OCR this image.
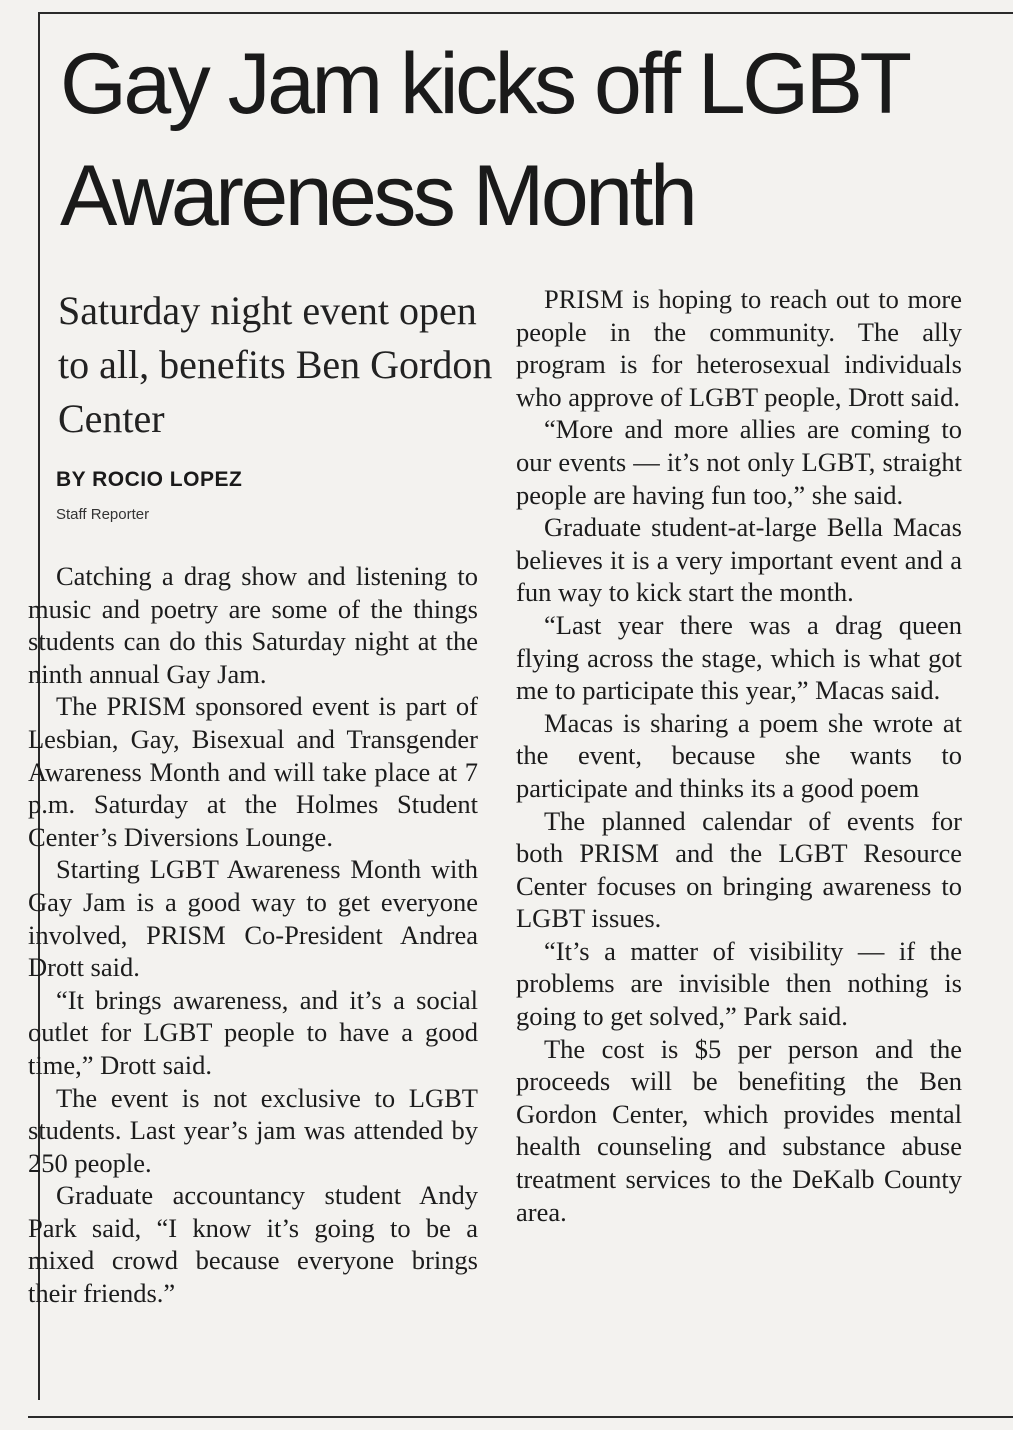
Gay Jam kicks off LGBT Awareness Month
Saturday night event open to all, benefits Ben Gordon Center
BY ROCIO LOPEZ
Staff Reporter

Catching a drag show and listening to music and poetry are some of the things students can do this Saturday night at the ninth annual Gay Jam.

The PRISM sponsored event is part of Lesbian, Gay, Bisexual and Transgender Awareness Month and will take place at 7 p.m. Saturday at the Holmes Student Center’s Diversions Lounge.

Starting LGBT Awareness Month with Gay Jam is a good way to get everyone involved, PRISM Co-President Andrea Drott said.

“It brings awareness, and it’s a social outlet for LGBT people to have a good time,” Drott said.

The event is not exclusive to LGBT students. Last year’s jam was attended by 250 people.

Graduate accountancy student Andy Park said, “I know it’s going to be a mixed crowd because everyone brings their friends.”

PRISM is hoping to reach out to more people in the community. The ally program is for heterosexual individuals who approve of LGBT people, Drott said.

“More and more allies are coming to our events — it’s not only LGBT, straight people are having fun too,” she said.

Graduate student-at-large Bella Macas believes it is a very important event and a fun way to kick start the month.

“Last year there was a drag queen flying across the stage, which is what got me to participate this year,” Macas said.

Macas is sharing a poem she wrote at the event, because she wants to participate and thinks its a good poem

The planned calendar of events for both PRISM and the LGBT Resource Center focuses on bringing awareness to LGBT issues.

“It’s a matter of visibility — if the problems are invisible then nothing is going to get solved,” Park said.

The cost is $5 per person and the proceeds will be benefiting the Ben Gordon Center, which provides mental health counseling and substance abuse treatment services to the DeKalb County area.
